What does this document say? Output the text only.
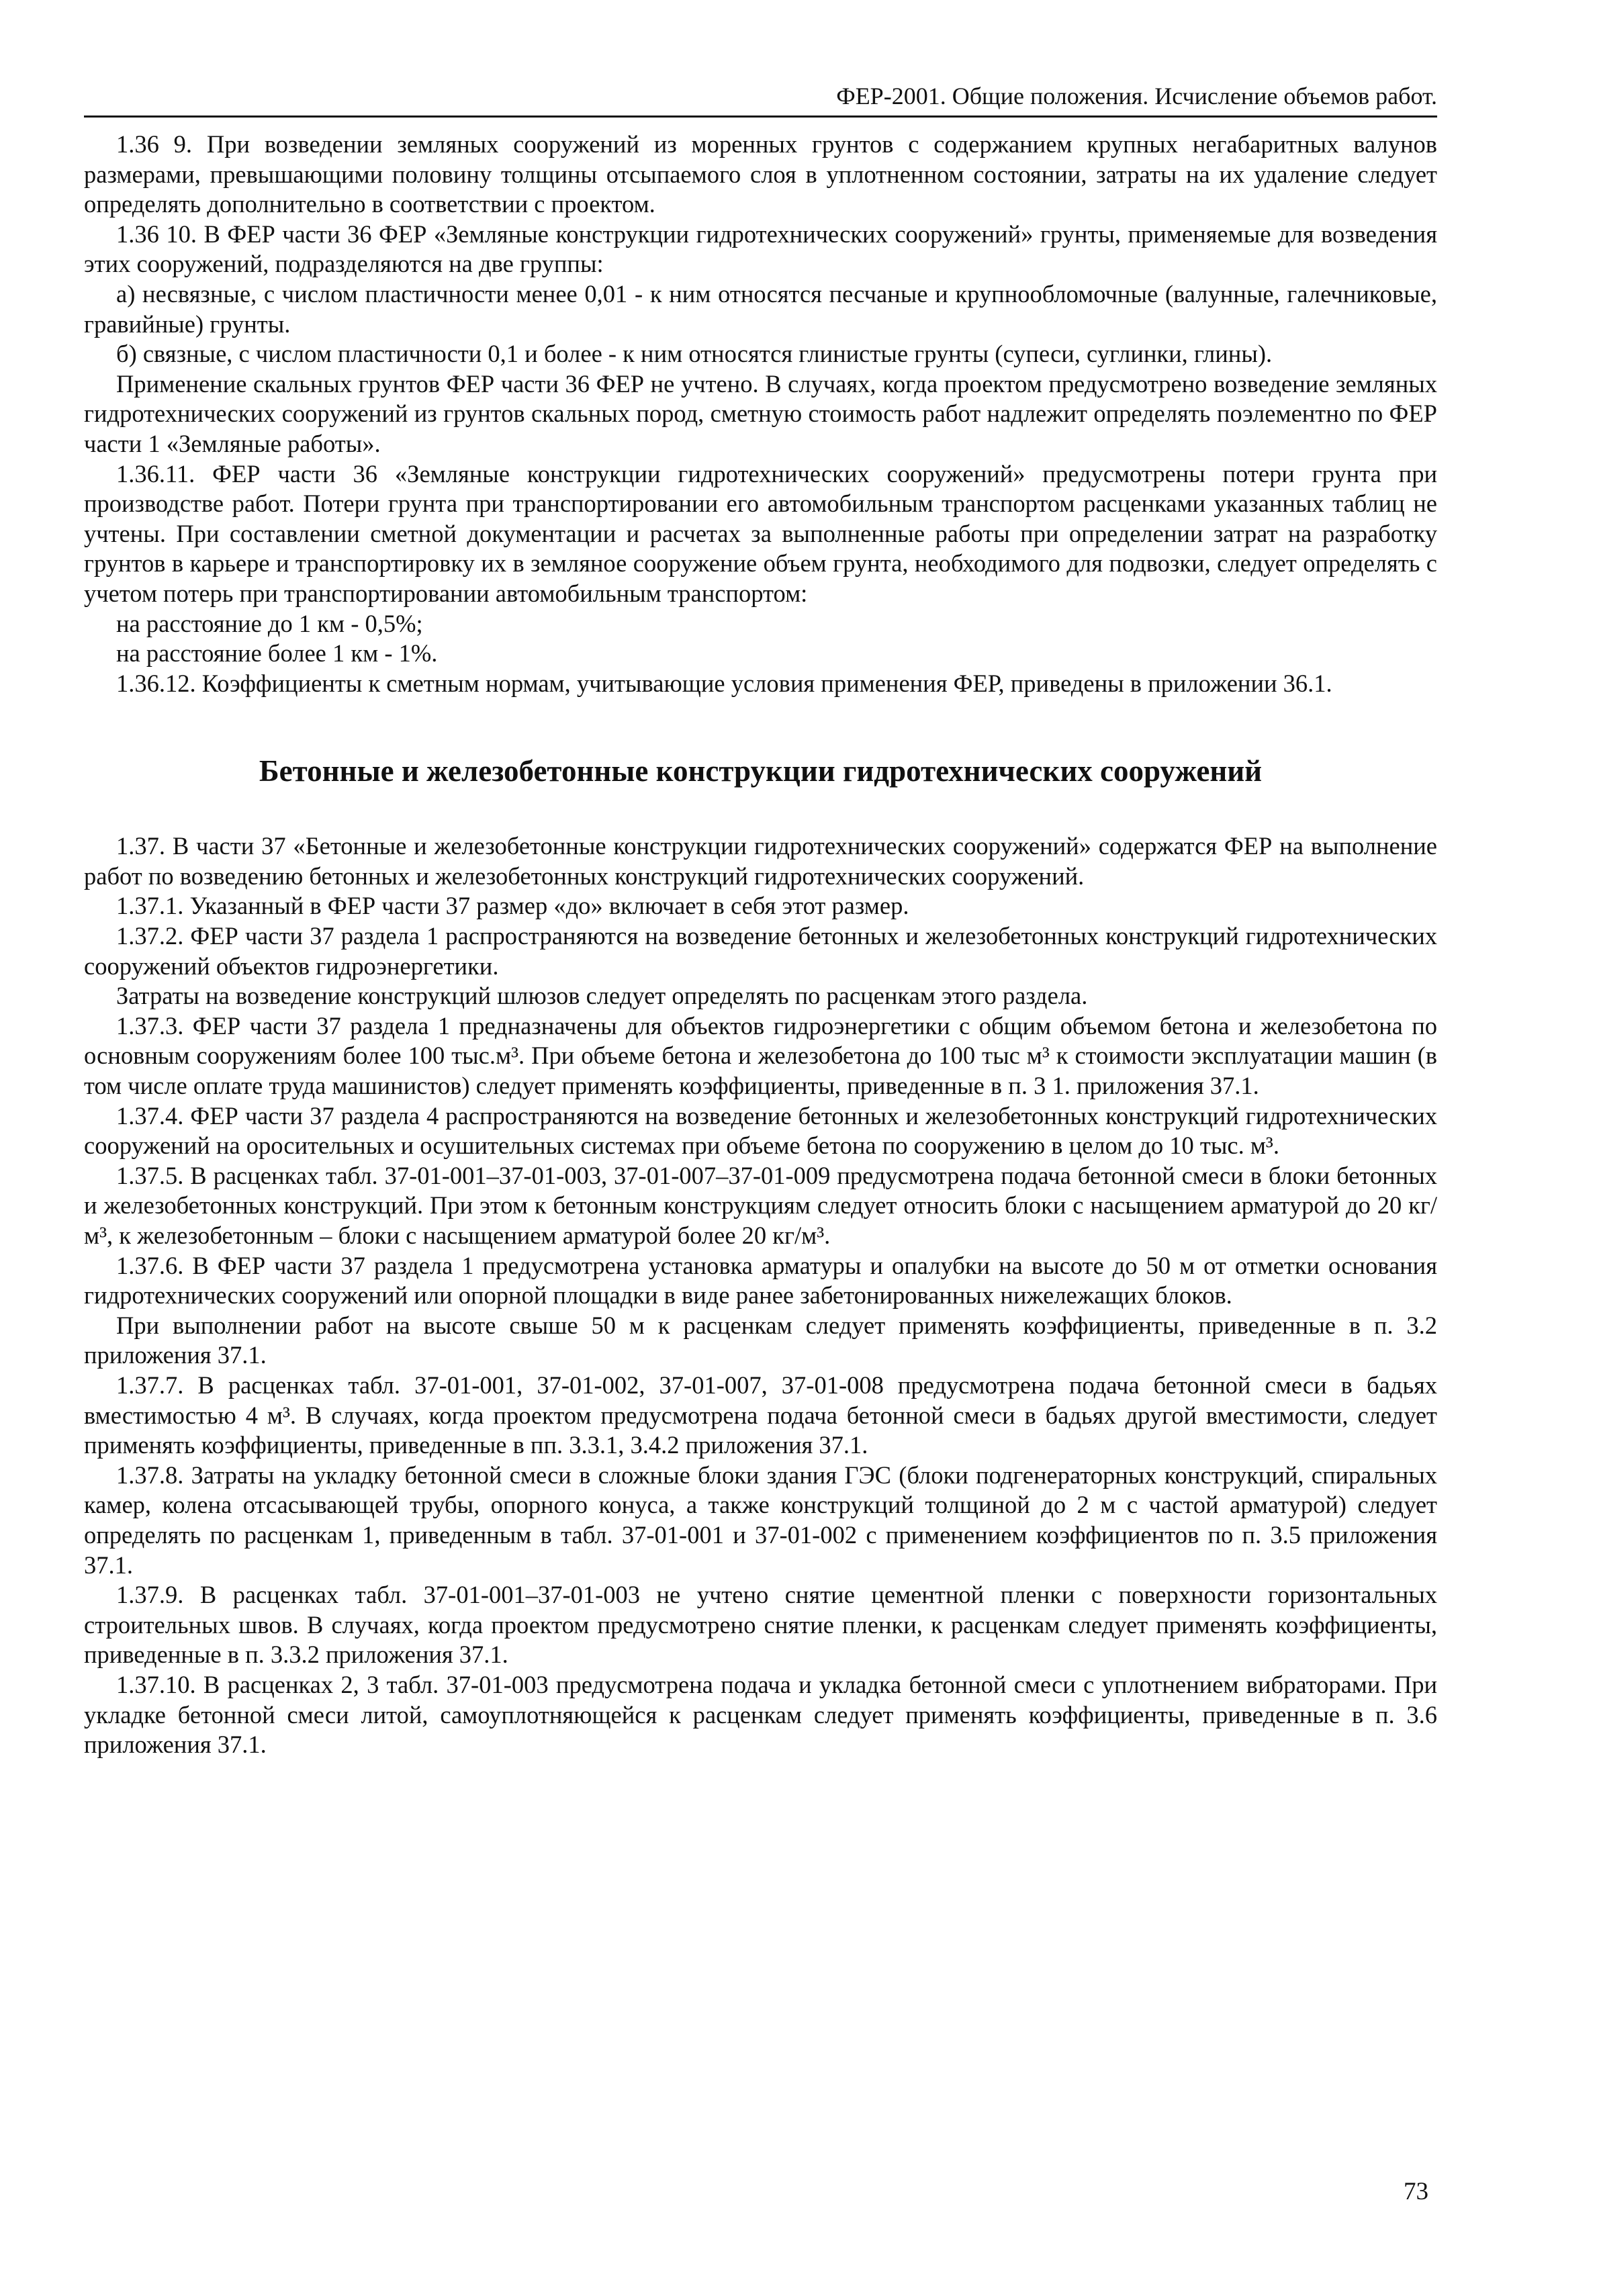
ФЕР-2001. Общие положения. Исчисление объемов работ.

1.36 9. При возведении земляных сооружений из моренных грунтов с содержанием крупных негабаритных валунов размерами, превышающими половину толщины отсыпаемого слоя в уплотненном состоянии, затраты на их удаление следует определять дополнительно в соответствии с проектом.

1.36 10. В ФЕР части 36 ФЕР «Земляные конструкции гидротехнических сооружений» грунты, применяемые для возведения этих сооружений, подразделяются на две группы:

а) несвязные, с числом пластичности менее 0,01 - к ним относятся песчаные и крупнообломочные (валунные, галечниковые, гравийные) грунты.

б) связные, с числом пластичности 0,1 и более - к ним относятся глинистые грунты (супеси, суглинки, глины).

Применение скальных грунтов ФЕР части 36 ФЕР не учтено. В случаях, когда проектом предусмотрено возведение земляных гидротехнических сооружений из грунтов скальных пород, сметную стоимость работ надлежит определять поэлементно по ФЕР части 1 «Земляные работы».

1.36.11. ФЕР части 36 «Земляные конструкции гидротехнических сооружений» предусмотрены потери грунта при производстве работ. Потери грунта при транспортировании его автомобильным транспортом расценками указанных таблиц не учтены. При составлении сметной документации и расчетах за выполненные работы при определении затрат на разработку грунтов в карьере и транспортировку их в земляное сооружение объем грунта, необходимого для подвозки, следует определять с учетом потерь при транспортировании автомобильным транспортом:

на расстояние до 1 км - 0,5%;

на расстояние более 1 км - 1%.

1.36.12. Коэффициенты к сметным нормам, учитывающие условия применения ФЕР, приведены в приложении 36.1.

Бетонные и железобетонные конструкции гидротехнических сооружений

1.37. В части 37 «Бетонные и железобетонные конструкции гидротехнических сооружений» содержатся ФЕР на выполнение работ по возведению бетонных и железобетонных конструкций гидротехнических сооружений.

1.37.1. Указанный в ФЕР части 37 размер «до» включает в себя этот размер.

1.37.2. ФЕР части 37 раздела 1 распространяются на возведение бетонных и железобетонных конструкций гидротехнических сооружений объектов гидроэнергетики.

Затраты на возведение конструкций шлюзов следует определять по расценкам этого раздела.

1.37.3. ФЕР части 37 раздела 1 предназначены для объектов гидроэнергетики с общим объемом бетона и железобетона по основным сооружениям более 100 тыс.м³. При объеме бетона и железобетона до 100 тыс м³ к стоимости эксплуатации машин (в том числе оплате труда машинистов) следует применять коэффициенты, приведенные в п. 3 1. приложения 37.1.

1.37.4. ФЕР части 37 раздела 4 распространяются на возведение бетонных и железобетонных конструкций гидротехнических сооружений на оросительных и осушительных системах при объеме бетона по сооружению в целом до 10 тыс. м³.

1.37.5. В расценках табл. 37-01-001–37-01-003, 37-01-007–37-01-009 предусмотрена подача бетонной смеси в блоки бетонных и железобетонных конструкций. При этом к бетонным конструкциям следует относить блоки с насыщением арматурой до 20 кг/м³, к железобетонным – блоки с насыщением арматурой более 20 кг/м³.

1.37.6. В ФЕР части 37 раздела 1 предусмотрена установка арматуры и опалубки на высоте до 50 м от отметки основания гидротехнических сооружений или опорной площадки в виде ранее забетонированных нижележащих блоков.

При выполнении работ на высоте свыше 50 м к расценкам следует применять коэффициенты, приведенные в п. 3.2 приложения 37.1.

1.37.7. В расценках табл. 37-01-001, 37-01-002, 37-01-007, 37-01-008 предусмотрена подача бетонной смеси в бадьях вместимостью 4 м³. В случаях, когда проектом предусмотрена подача бетонной смеси в бадьях другой вместимости, следует применять коэффициенты, приведенные в пп. 3.3.1, 3.4.2 приложения 37.1.

1.37.8. Затраты на укладку бетонной смеси в сложные блоки здания ГЭС (блоки подгенераторных конструкций, спиральных камер, колена отсасывающей трубы, опорного конуса, а также конструкций толщиной до 2 м с частой арматурой) следует определять по расценкам 1, приведенным в табл. 37-01-001 и 37-01-002 с применением коэффициентов по п. 3.5 приложения 37.1.

1.37.9. В расценках табл. 37-01-001–37-01-003 не учтено снятие цементной пленки с поверхности горизонтальных строительных швов. В случаях, когда проектом предусмотрено снятие пленки, к расценкам следует применять коэффициенты, приведенные в п. 3.3.2 приложения 37.1.

1.37.10. В расценках 2, 3 табл. 37-01-003 предусмотрена подача и укладка бетонной смеси с уплотнением вибраторами. При укладке бетонной смеси литой, самоуплотняющейся к расценкам следует применять коэффициенты, приведенные в п. 3.6 приложения 37.1.

73
